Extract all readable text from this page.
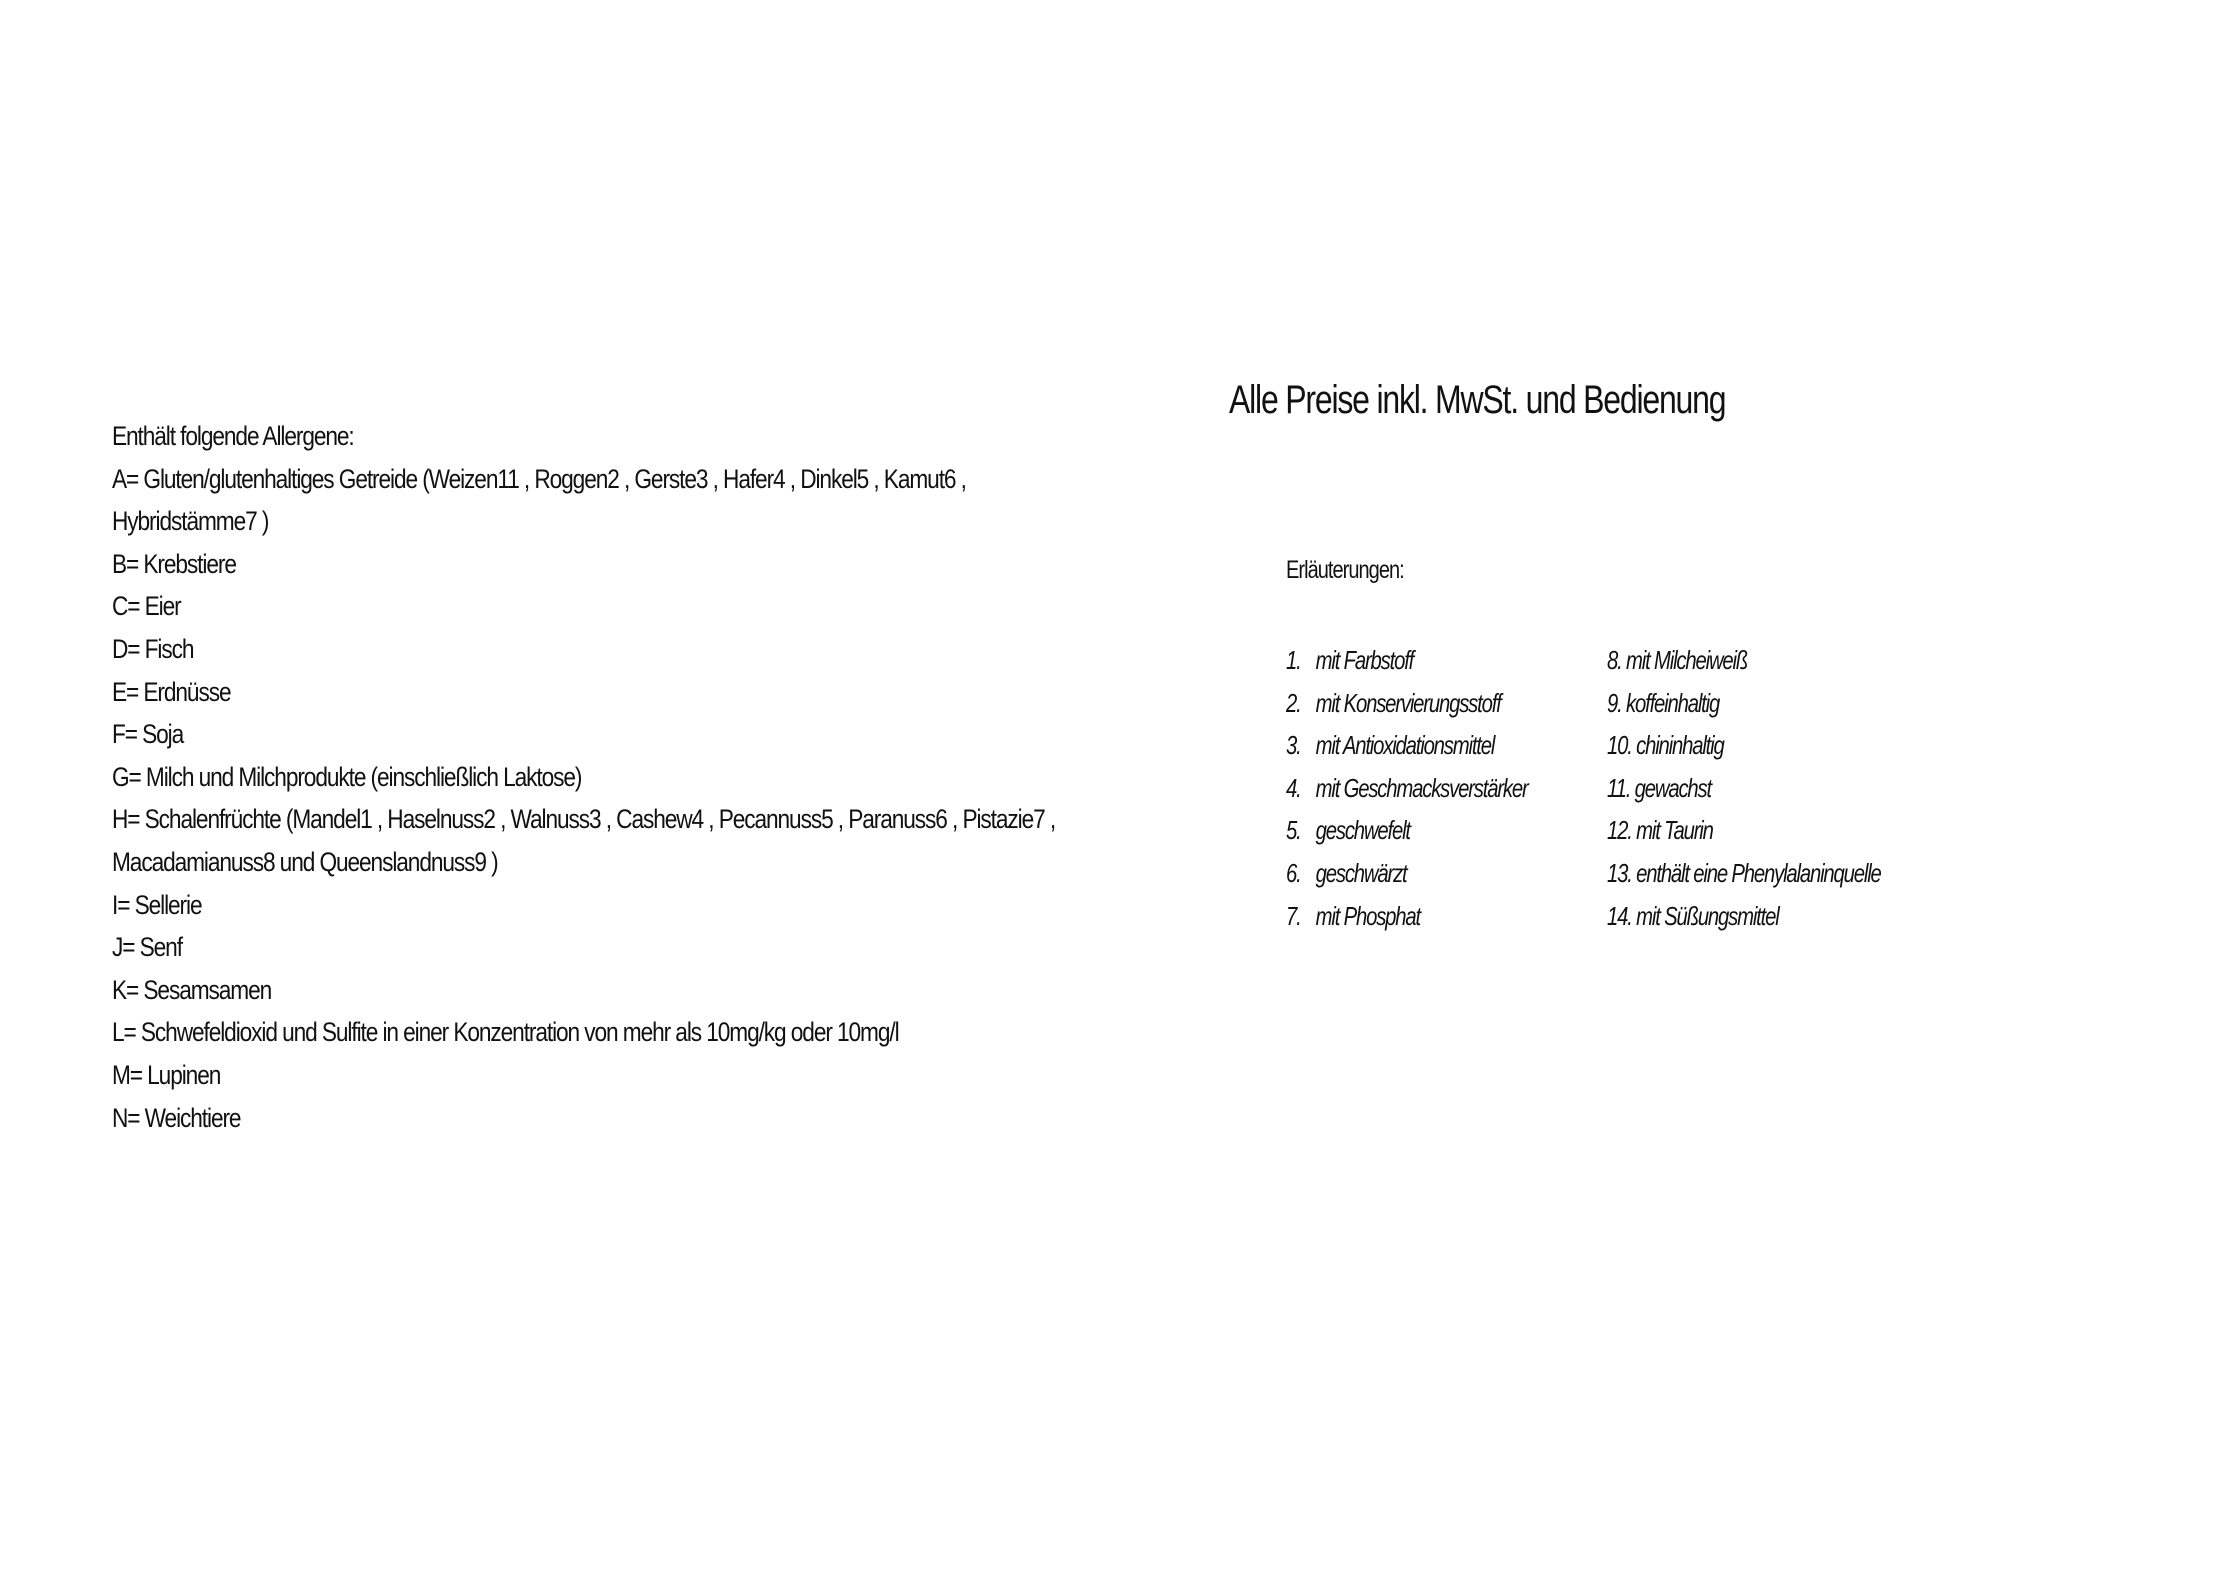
Enthält folgende Allergene:
A= Gluten/glutenhaltiges Getreide (Weizen11 , Roggen2 , Gerste3 , Hafer4 , Dinkel5 , Kamut6 ,
Hybridstämme7 )
B= Krebstiere
C= Eier
D= Fisch
E= Erdnüsse
F= Soja
G= Milch und Milchprodukte (einschließlich Laktose)
H= Schalenfrüchte (Mandel1 , Haselnuss2 , Walnuss3 , Cashew4 , Pecannuss5 , Paranuss6 , Pistazie7 ,
Macadamianuss8 und Queenslandnuss9 )
I= Sellerie
J= Senf
K= Sesamsamen
L= Schwefeldioxid und Sulfite in einer Konzentration von mehr als 10mg/kg oder 10mg/l
M= Lupinen
N= Weichtiere
Alle Preise inkl. MwSt. und Bedienung
Erläuterungen:
1. mit Farbstoff
2. mit Konservierungsstoff
3. mit Antioxidationsmittel
4. mit Geschmacksverstärker
5. geschwefelt
6. geschwärzt
7. mit Phosphat
8. mit Milcheiweiß
9. koffeinhaltig
10. chininhaltig
11. gewachst
12. mit Taurin
13. enthält eine Phenylalaninquelle
14. mit Süßungsmittel
